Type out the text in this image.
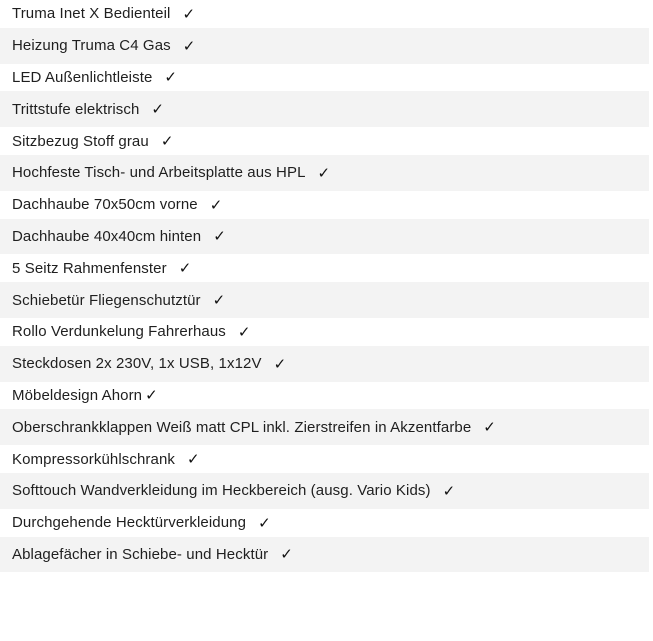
Truma Inet X Bedienteil ✓
Heizung Truma C4 Gas ✓
LED Außenlichtleiste ✓
Trittstufe elektrisch ✓
Sitzbezug Stoff grau ✓
Hochfeste Tisch- und Arbeitsplatte aus HPL ✓
Dachhaube 70x50cm vorne ✓
Dachhaube 40x40cm hinten ✓
5 Seitz Rahmenfenster ✓
Schiebetür Fliegenschutztür ✓
Rollo Verdunkelung Fahrerhaus ✓
Steckdosen 2x 230V, 1x USB, 1x12V ✓
Möbeldesign Ahorn ✓
Oberschrankklappen Weiß matt CPL inkl. Zierstreifen in Akzentfarbe ✓
Kompressorkühlschrank ✓
Softtouch Wandverkleidung im Heckbereich (ausg. Vario Kids) ✓
Durchgehende Hecktürverkleidung ✓
Ablagefächer in Schiebe- und Hecktür ✓
